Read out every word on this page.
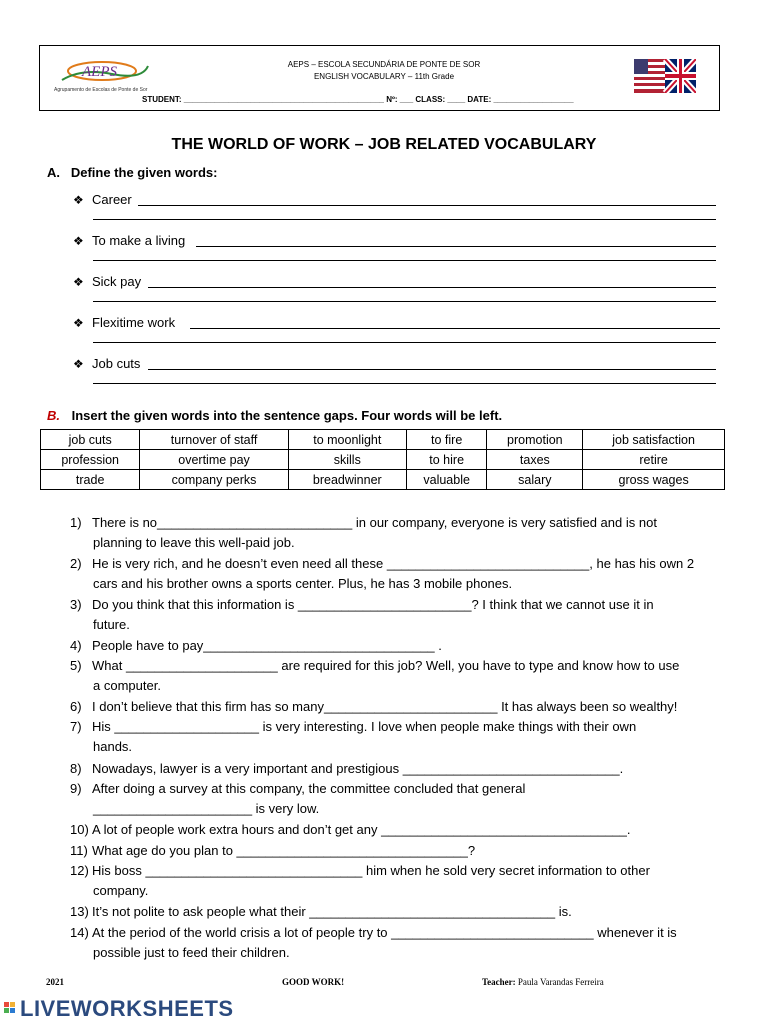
AEPS
Agrupamento de Escolas de Ponte de Sor
AEPS – ESCOLA SECUNDÁRIA DE PONTE DE SOR
ENGLISH VOCABULARY – 11th Grade
STUDENT: _____________________________________________ Nº: ___ CLASS: ____ DATE: __________________
THE WORLD OF WORK – JOB RELATED VOCABULARY
A. Define the given words:
❖ Career
❖ To make a living
❖ Sick pay
❖ Flexitime work
❖ Job cuts
B. Insert the given words into the sentence gaps. Four words will be left.
job cuts	turnover of staff	to moonlight	to fire	promotion	job satisfaction
profession	overtime pay	skills	to hire	taxes	retire
trade	company perks	breadwinner	valuable	salary	gross wages
1) There is no___________________________ in our company, everyone is very satisfied and is not
planning to leave this well-paid job.
2) He is very rich, and he doesn’t even need all these ____________________________, he has his own 2
cars and his brother owns a sports center. Plus, he has 3 mobile phones.
3) Do you think that this information is ________________________? I think that we cannot use it in
future.
4) People have to pay________________________________ .
5) What _____________________ are required for this job? Well, you have to type and know how to use
a computer.
6) I don’t believe that this firm has so many________________________ It has always been so wealthy!
7) His ____________________ is very interesting. I love when people make things with their own
hands.
8) Nowadays, lawyer is a very important and prestigious ______________________________.
9) After doing a survey at this company, the committee concluded that general
______________________ is very low.
10) A lot of people work extra hours and don’t get any __________________________________.
11) What age do you plan to ________________________________?
12) His boss ______________________________ him when he sold very secret information to other
company.
13) It’s not polite to ask people what their __________________________________ is.
14) At the period of the world crisis a lot of people try to ____________________________ whenever it is
possible just to feed their children.
2021	GOOD WORK!	Teacher: Paula Varandas Ferreira
LIVEWORKSHEETS
